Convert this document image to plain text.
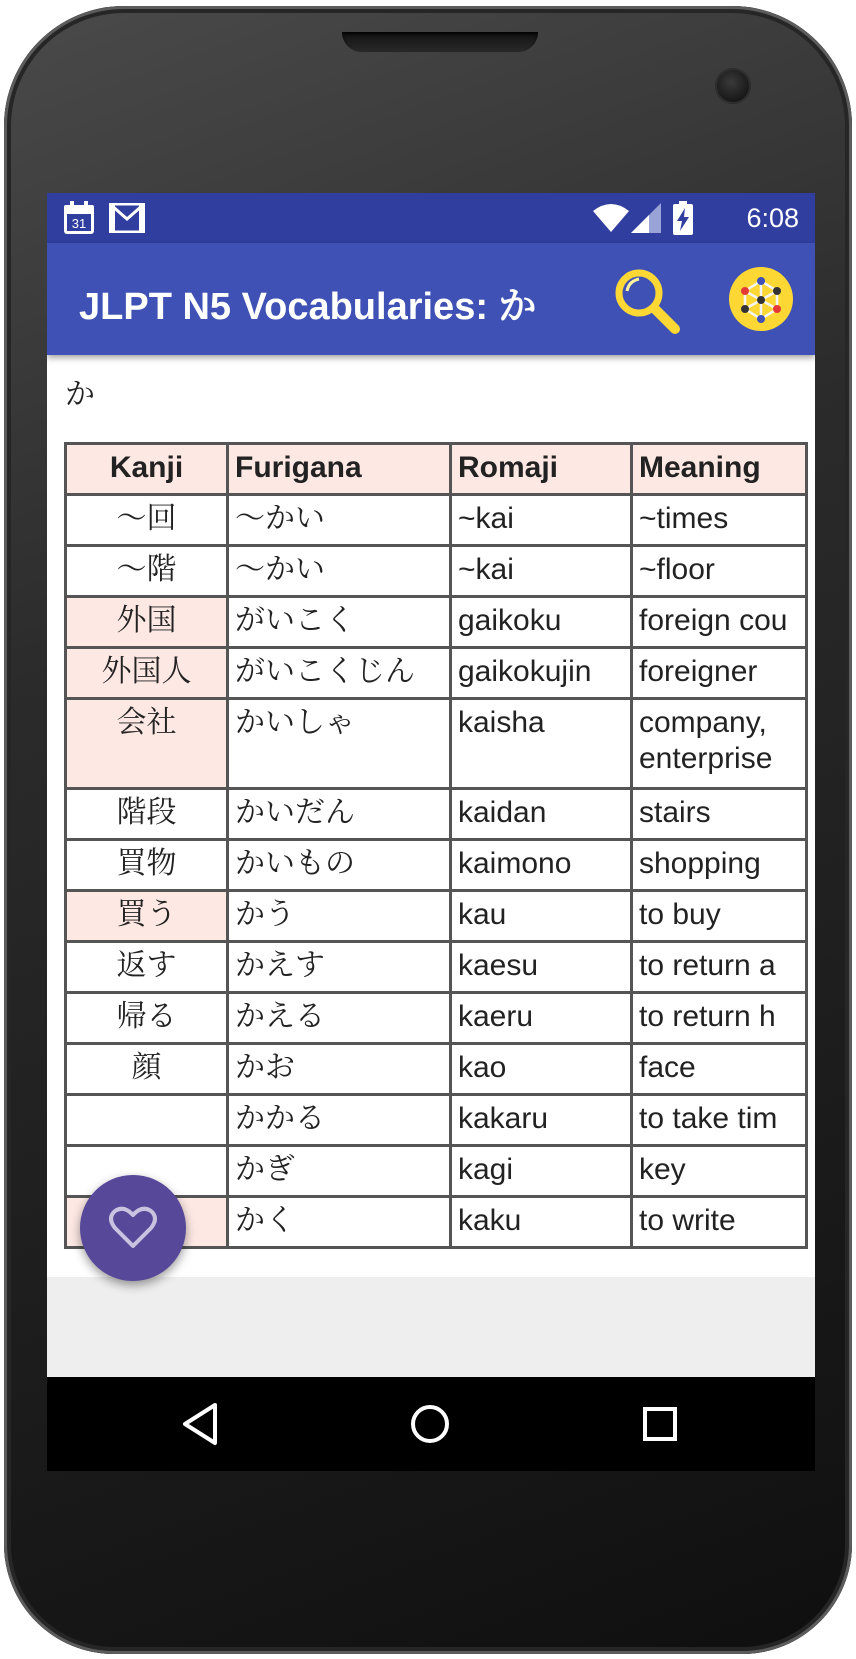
31	6:08
JLPT N5 Vocabularies: か
か
Kanji	Furigana	Romaji	Meaning
〜回	〜かい	~kai	~times
〜階	〜かい	~kai	~floor
外国	がいこく	gaikoku	foreign cou
外国人	がいこくじん	gaikokujin	foreigner
会社	かいしゃ	kaisha	company, enterprise
階段	かいだん	kaidan	stairs
買物	かいもの	kaimono	shopping
買う	かう	kau	to buy
返す	かえす	kaesu	to return a
帰る	かえる	kaeru	to return h
顔	かお	kao	face
	かかる	kakaru	to take tim
	かぎ	kagi	key
	かく	kaku	to write
